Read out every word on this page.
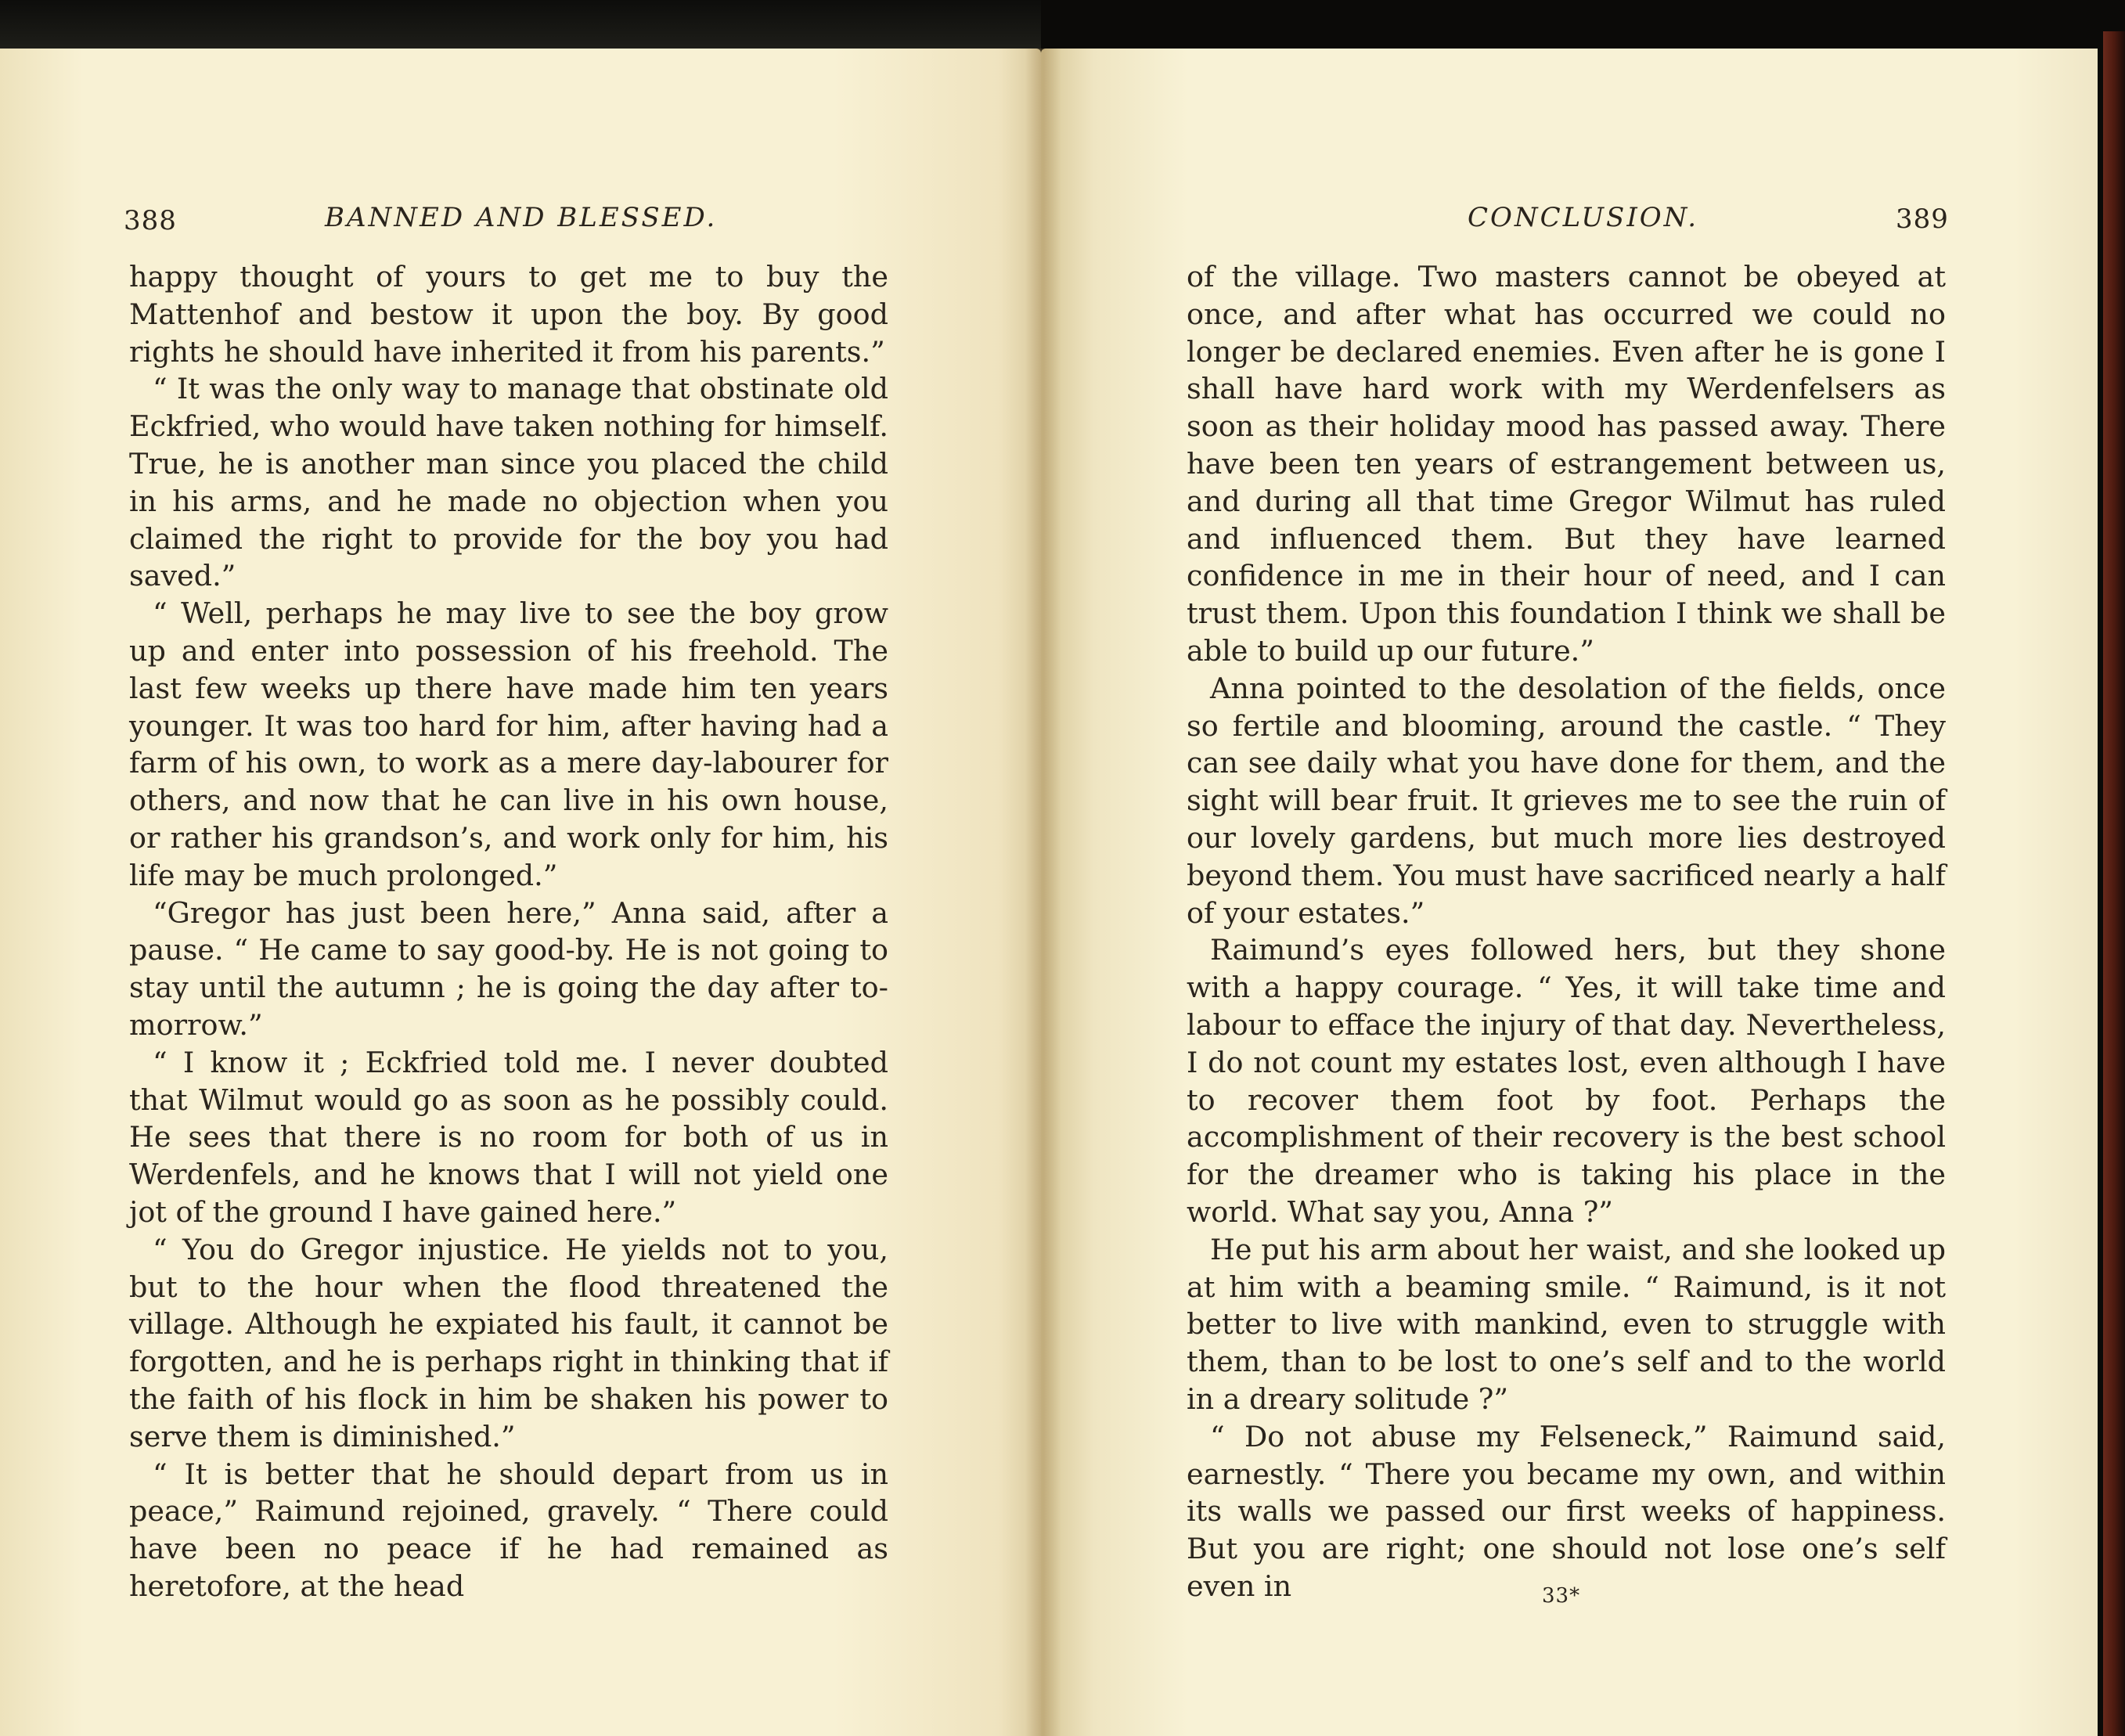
388	BANNED AND BLESSED.

happy thought of yours to get me to buy the Mattenhof and bestow it upon the boy. By good rights he should have inherited it from his parents.”

“ It was the only way to manage that obstinate old Eckfried, who would have taken nothing for himself. True, he is another man since you placed the child in his arms, and he made no objection when you claimed the right to provide for the boy you had saved.”

“ Well, perhaps he may live to see the boy grow up and enter into possession of his freehold. The last few weeks up there have made him ten years younger. It was too hard for him, after having had a farm of his own, to work as a mere day-labourer for others, and now that he can live in his own house, or rather his grandson’s, and work only for him, his life may be much prolonged.”

“Gregor has just been here,” Anna said, after a pause. “ He came to say good-by. He is not going to stay until the autumn ; he is going the day after to-morrow.”

“ I know it ; Eckfried told me. I never doubted that Wilmut would go as soon as he possibly could. He sees that there is no room for both of us in Werdenfels, and he knows that I will not yield one jot of the ground I have gained here.”

“ You do Gregor injustice. He yields not to you, but to the hour when the flood threatened the village. Although he expiated his fault, it cannot be forgotten, and he is perhaps right in thinking that if the faith of his flock in him be shaken his power to serve them is diminished.”

“ It is better that he should depart from us in peace,” Raimund rejoined, gravely. “ There could have been no peace if he had remained as heretofore, at the head

CONCLUSION.	389

of the village. Two masters cannot be obeyed at once, and after what has occurred we could no longer be declared enemies. Even after he is gone I shall have hard work with my Werdenfelsers as soon as their holiday mood has passed away. There have been ten years of estrangement between us, and during all that time Gregor Wilmut has ruled and influenced them. But they have learned confidence in me in their hour of need, and I can trust them. Upon this foundation I think we shall be able to build up our future.”

Anna pointed to the desolation of the fields, once so fertile and blooming, around the castle. “ They can see daily what you have done for them, and the sight will bear fruit. It grieves me to see the ruin of our lovely gardens, but much more lies destroyed beyond them. You must have sacrificed nearly a half of your estates.”

Raimund’s eyes followed hers, but they shone with a happy courage. “ Yes, it will take time and labour to efface the injury of that day. Nevertheless, I do not count my estates lost, even although I have to recover them foot by foot. Perhaps the accomplishment of their recovery is the best school for the dreamer who is taking his place in the world. What say you, Anna ?”

He put his arm about her waist, and she looked up at him with a beaming smile. “ Raimund, is it not better to live with mankind, even to struggle with them, than to be lost to one’s self and to the world in a dreary solitude ?”

“ Do not abuse my Felseneck,” Raimund said, earnestly. “ There you became my own, and within its walls we passed our first weeks of happiness. But you are right; one should not lose one’s self even in	33*
